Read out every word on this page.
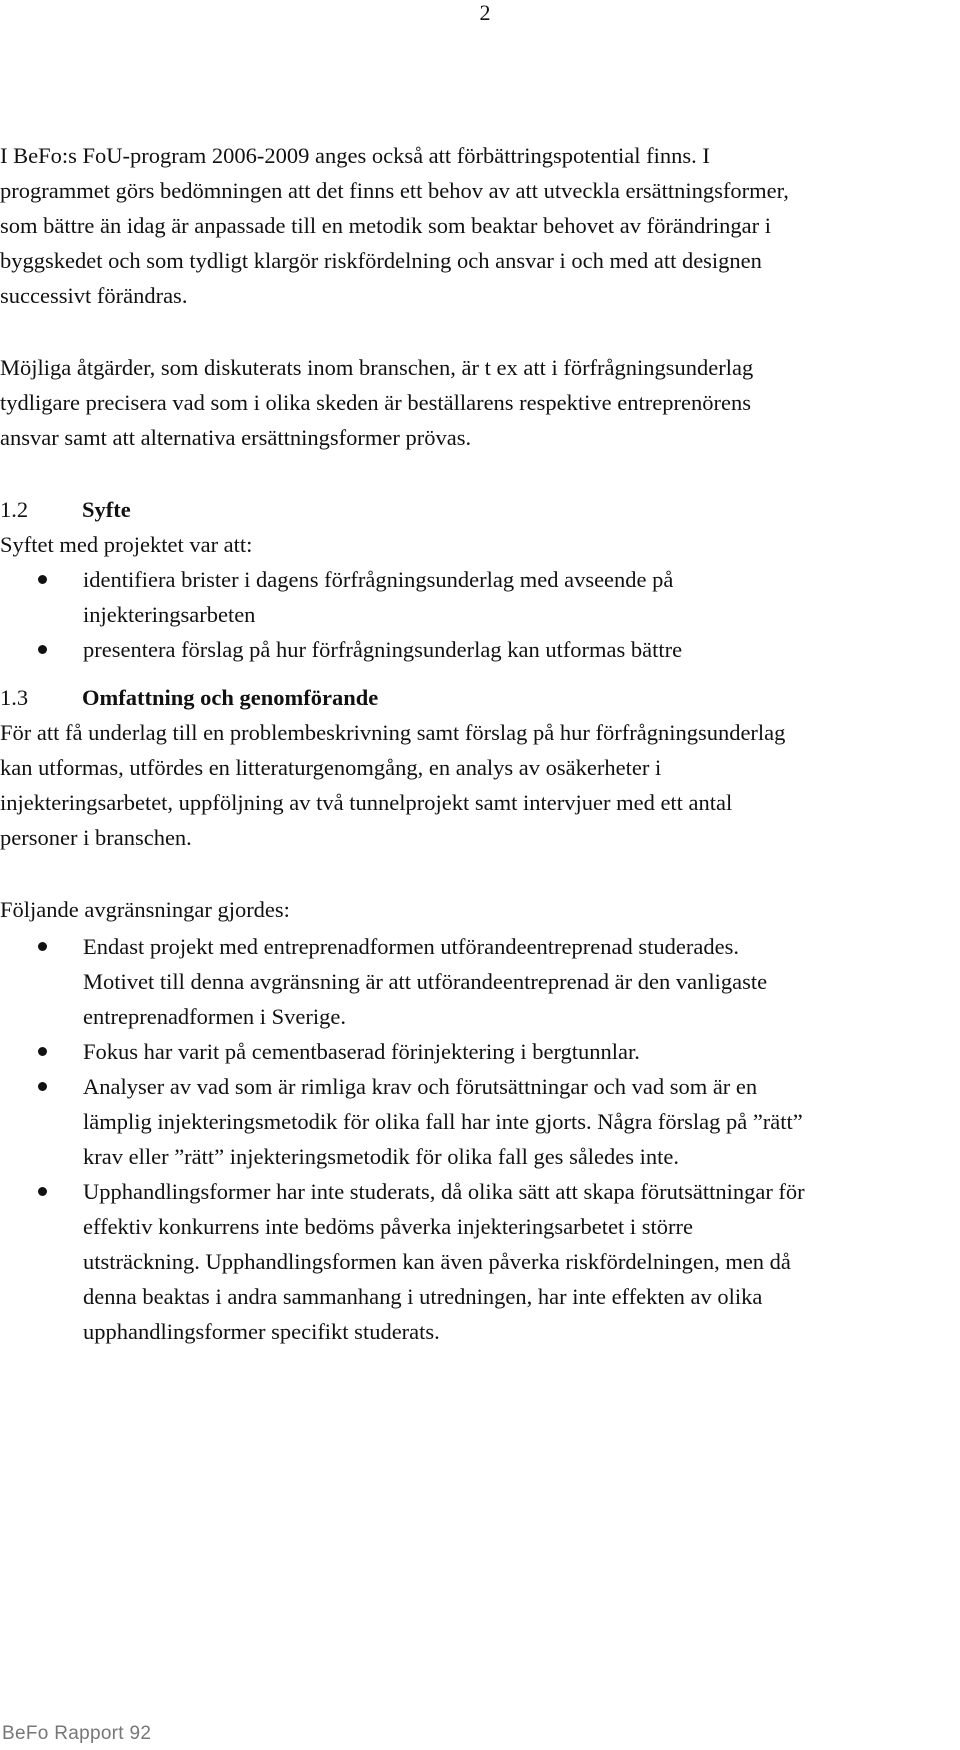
2

I BeFo:s FoU-program 2006-2009 anges också att förbättringspotential finns. I
programmet görs bedömningen att det finns ett behov av att utveckla ersättningsformer,
som bättre än idag är anpassade till en metodik som beaktar behovet av förändringar i
byggskedet och som tydligt klargör riskfördelning och ansvar i och med att designen
successivt förändras.

Möjliga åtgärder, som diskuterats inom branschen, är t ex att i förfrågningsunderlag
tydligare precisera vad som i olika skeden är beställarens respektive entreprenörens
ansvar samt att alternativa ersättningsformer prövas.

1.2 Syfte

Syftet med projektet var att:

identifiera brister i dagens förfrågningsunderlag med avseende på
injekteringsarbeten
presentera förslag på hur förfrågningsunderlag kan utformas bättre
1.3 Omfattning och genomförande

För att få underlag till en problembeskrivning samt förslag på hur förfrågningsunderlag
kan utformas, utfördes en litteraturgenomgång, en analys av osäkerheter i
injekteringsarbetet, uppföljning av två tunnelprojekt samt intervjuer med ett antal
personer i branschen.

Följande avgränsningar gjordes:

Endast projekt med entreprenadformen utförandeentreprenad studerades.
Motivet till denna avgränsning är att utförandeentreprenad är den vanligaste
entreprenadformen i Sverige.
Fokus har varit på cementbaserad förinjektering i bergtunnlar.
Analyser av vad som är rimliga krav och förutsättningar och vad som är en
lämplig injekteringsmetodik för olika fall har inte gjorts. Några förslag på ”rätt”
krav eller ”rätt” injekteringsmetodik för olika fall ges således inte.
Upphandlingsformer har inte studerats, då olika sätt att skapa förutsättningar för
effektiv konkurrens inte bedöms påverka injekteringsarbetet i större
utsträckning. Upphandlingsformen kan även påverka riskfördelningen, men då
denna beaktas i andra sammanhang i utredningen, har inte effekten av olika
upphandlingsformer specifikt studerats.
BeFo Rapport 92
